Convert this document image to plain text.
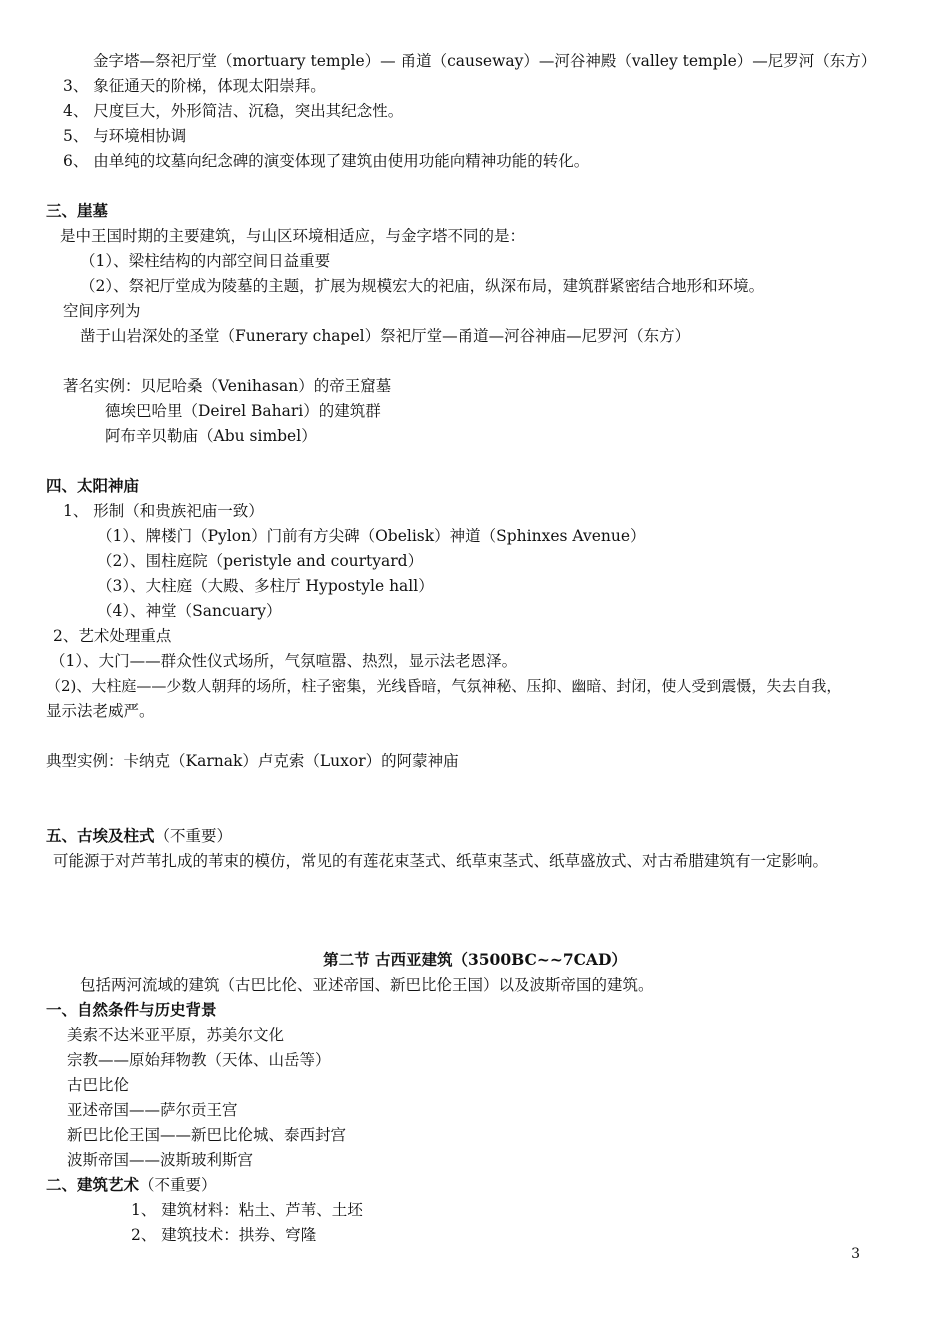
金字塔—祭祀厅堂（mortuary temple）— 甬道（causeway）—河谷神殿（valley temple）—尼罗河（东方）
3、 象征通天的阶梯，体现太阳崇拜。
4、 尺度巨大，外形简洁、沉稳，突出其纪念性。
5、 与环境相协调
6、 由单纯的坟墓向纪念碑的演变体现了建筑由使用功能向精神功能的转化。
三、崖墓
是中王国时期的主要建筑，与山区环境相适应，与金字塔不同的是：
（1）、梁柱结构的内部空间日益重要
（2）、祭祀厅堂成为陵墓的主题，扩展为规模宏大的祀庙，纵深布局，建筑群紧密结合地形和环境。
空间序列为
凿于山岩深处的圣堂（Funerary chapel）祭祀厅堂—甬道—河谷神庙—尼罗河（东方）
著名实例：贝尼哈桑（Venihasan）的帝王窟墓
德埃巴哈里（Deirel Bahari）的建筑群
阿布辛贝勒庙（Abu simbel）
四、太阳神庙
1、 形制（和贵族祀庙一致）
（1）、牌楼门（Pylon）门前有方尖碑（Obelisk）神道（Sphinxes Avenue）
（2）、围柱庭院（peristyle and courtyard）
（3）、大柱庭（大殿、多柱厅 Hypostyle hall）
（4）、神堂（Sancuary）
2、艺术处理重点
（1）、大门——群众性仪式场所，气氛喧嚣、热烈，显示法老恩泽。
（2)、大柱庭——少数人朝拜的场所，柱子密集，光线昏暗，气氛神秘、压抑、幽暗、封闭，使人受到震慑，失去自我，
显示法老威严。
典型实例：卡纳克（Karnak）卢克索（Luxor）的阿蒙神庙
五、古埃及柱式（不重要）
可能源于对芦苇扎成的苇束的模仿，常见的有莲花束茎式、纸草束茎式、纸草盛放式、对古希腊建筑有一定影响。
第二节 古西亚建筑（3500BC~~7CAD）
包括两河流域的建筑（古巴比伦、亚述帝国、新巴比伦王国）以及波斯帝国的建筑。
一、自然条件与历史背景
美索不达米亚平原，苏美尔文化
宗教——原始拜物教（天体、山岳等）
古巴比伦
亚述帝国——萨尔贡王宫
新巴比伦王国——新巴比伦城、泰西封宫
波斯帝国——波斯玻利斯宫
二、建筑艺术（不重要）
1、 建筑材料：粘土、芦苇、土坯
2、 建筑技术：拱券、穹隆
3
